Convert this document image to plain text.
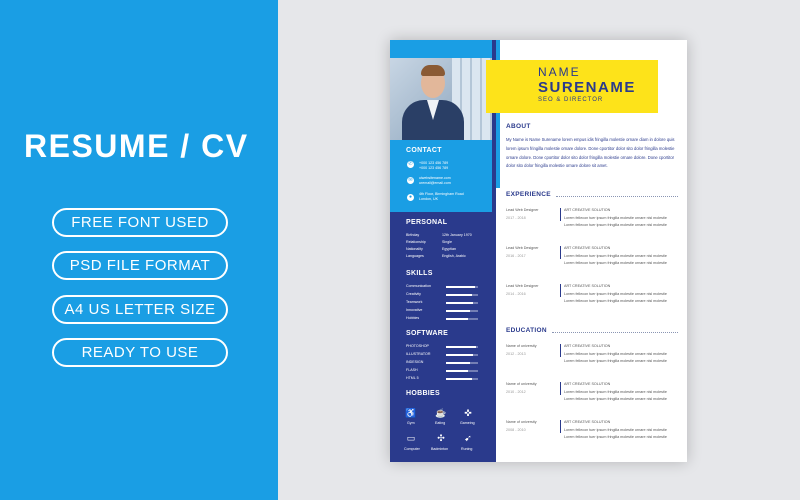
RESUME / CV
FREE FONT USED
PSD FILE FORMAT
A4 US LETTER SIZE
READY TO USE
CONTACT
✆	+000 123 456 789
+000 123 456 789
✉	uiwebsitename.com
uremail@email.com
●	4th Floor, Birmingham Road
London, UK
PERSONAL
Birthday	12th January 1970
Relationship	Single
Nationality	Egyptian
Languages	English, Arabic
SKILLS
Communication
Creativity
Teamwork
Innovative
Hobbies
SOFTWARE
PHOTOSHOP
ILLUSTRATOR
INDESIGN
FLASH
HTML 5
HOBBIES
♿
Gym
☕
Eating
✜
Gameing
▭
Computer
✣
Badminton
➹
Runing
NAME
SURENAME
SEO & DIRECTOR
ABOUT
My Name is Name Surename lorem empus idis fringilla molestie ornare diam in dolore quis lorem ipsum fringilla molestie ornare dolore. Done cportitor dolor sito dolor fringilla molestie ornare dolore. Done cportitor dolor sito dolor fringilla molestie ornare dolore. Done cportitor dolor sito dolor fringilla molestie ornare dolore sit amet.
EXPERIENCE
Lead Web Designer
2017 - 2018
ART CREATIVE SOLUTION
Lorem fellecon tuer ipsum fringilla molestie ornare nisl molestie
Lorem fellecon tuer ipsum fringilla molestie ornare nisl molestie
Lead Web Designer
2016 - 2017
ART CREATIVE SOLUTION
Lorem fellecon tuer ipsum fringilla molestie ornare nisl molestie
Lorem fellecon tuer ipsum fringilla molestie ornare nisl molestie
Lead Web Designer
2014 - 2016
ART CREATIVE SOLUTION
Lorem fellecon tuer ipsum fringilla molestie ornare nisl molestie
Lorem fellecon tuer ipsum fringilla molestie ornare nisl molestie
EDUCATION
Name of university
2012 - 2013
ART CREATIVE SOLUTION
Lorem fellecon tuer ipsum fringilla molestie ornare nisl molestie
Lorem fellecon tuer ipsum fringilla molestie ornare nisl molestie
Name of university
2010 - 2012
ART CREATIVE SOLUTION
Lorem fellecon tuer ipsum fringilla molestie ornare nisl molestie
Lorem fellecon tuer ipsum fringilla molestie ornare nisl molestie
Name of university
2008 - 2010
ART CREATIVE SOLUTION
Lorem fellecon tuer ipsum fringilla molestie ornare nisl molestie
Lorem fellecon tuer ipsum fringilla molestie ornare nisl molestie
